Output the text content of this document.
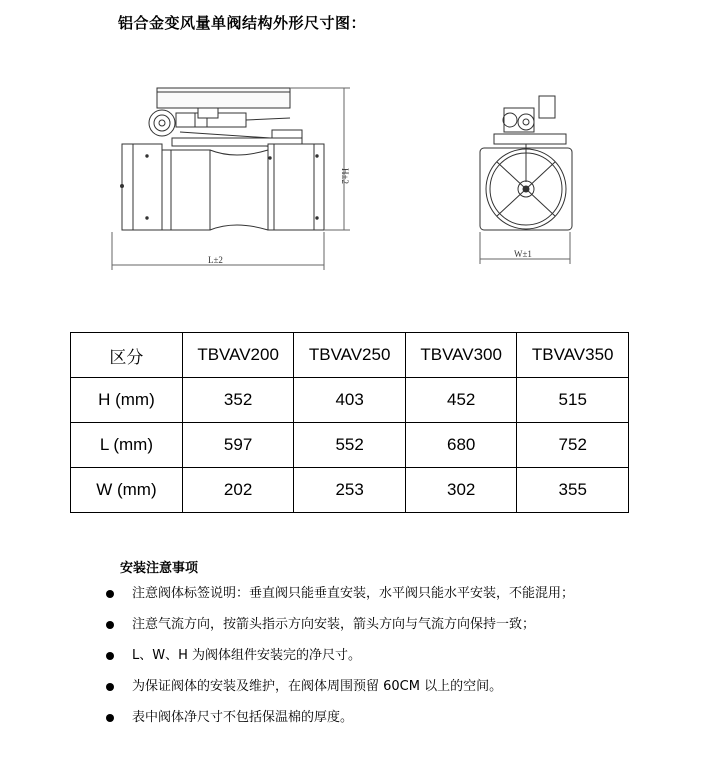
铝合金变风量单阀结构外形尺寸图：
H±2
L±2
W±1
区分	TBVAV200	TBVAV250	TBVAV300	TBVAV350
H (mm)	352	403	452	515
L (mm)	597	552	680	752
W (mm)	202	253	302	355
安装注意事项
注意阀体标签说明：垂直阀只能垂直安装，水平阀只能水平安装，不能混用；
注意气流方向，按箭头指示方向安装，箭头方向与气流方向保持一致；
L、W、H 为阀体组件安装完的净尺寸。
为保证阀体的安装及维护，在阀体周围预留 60CM 以上的空间。
表中阀体净尺寸不包括保温棉的厚度。
